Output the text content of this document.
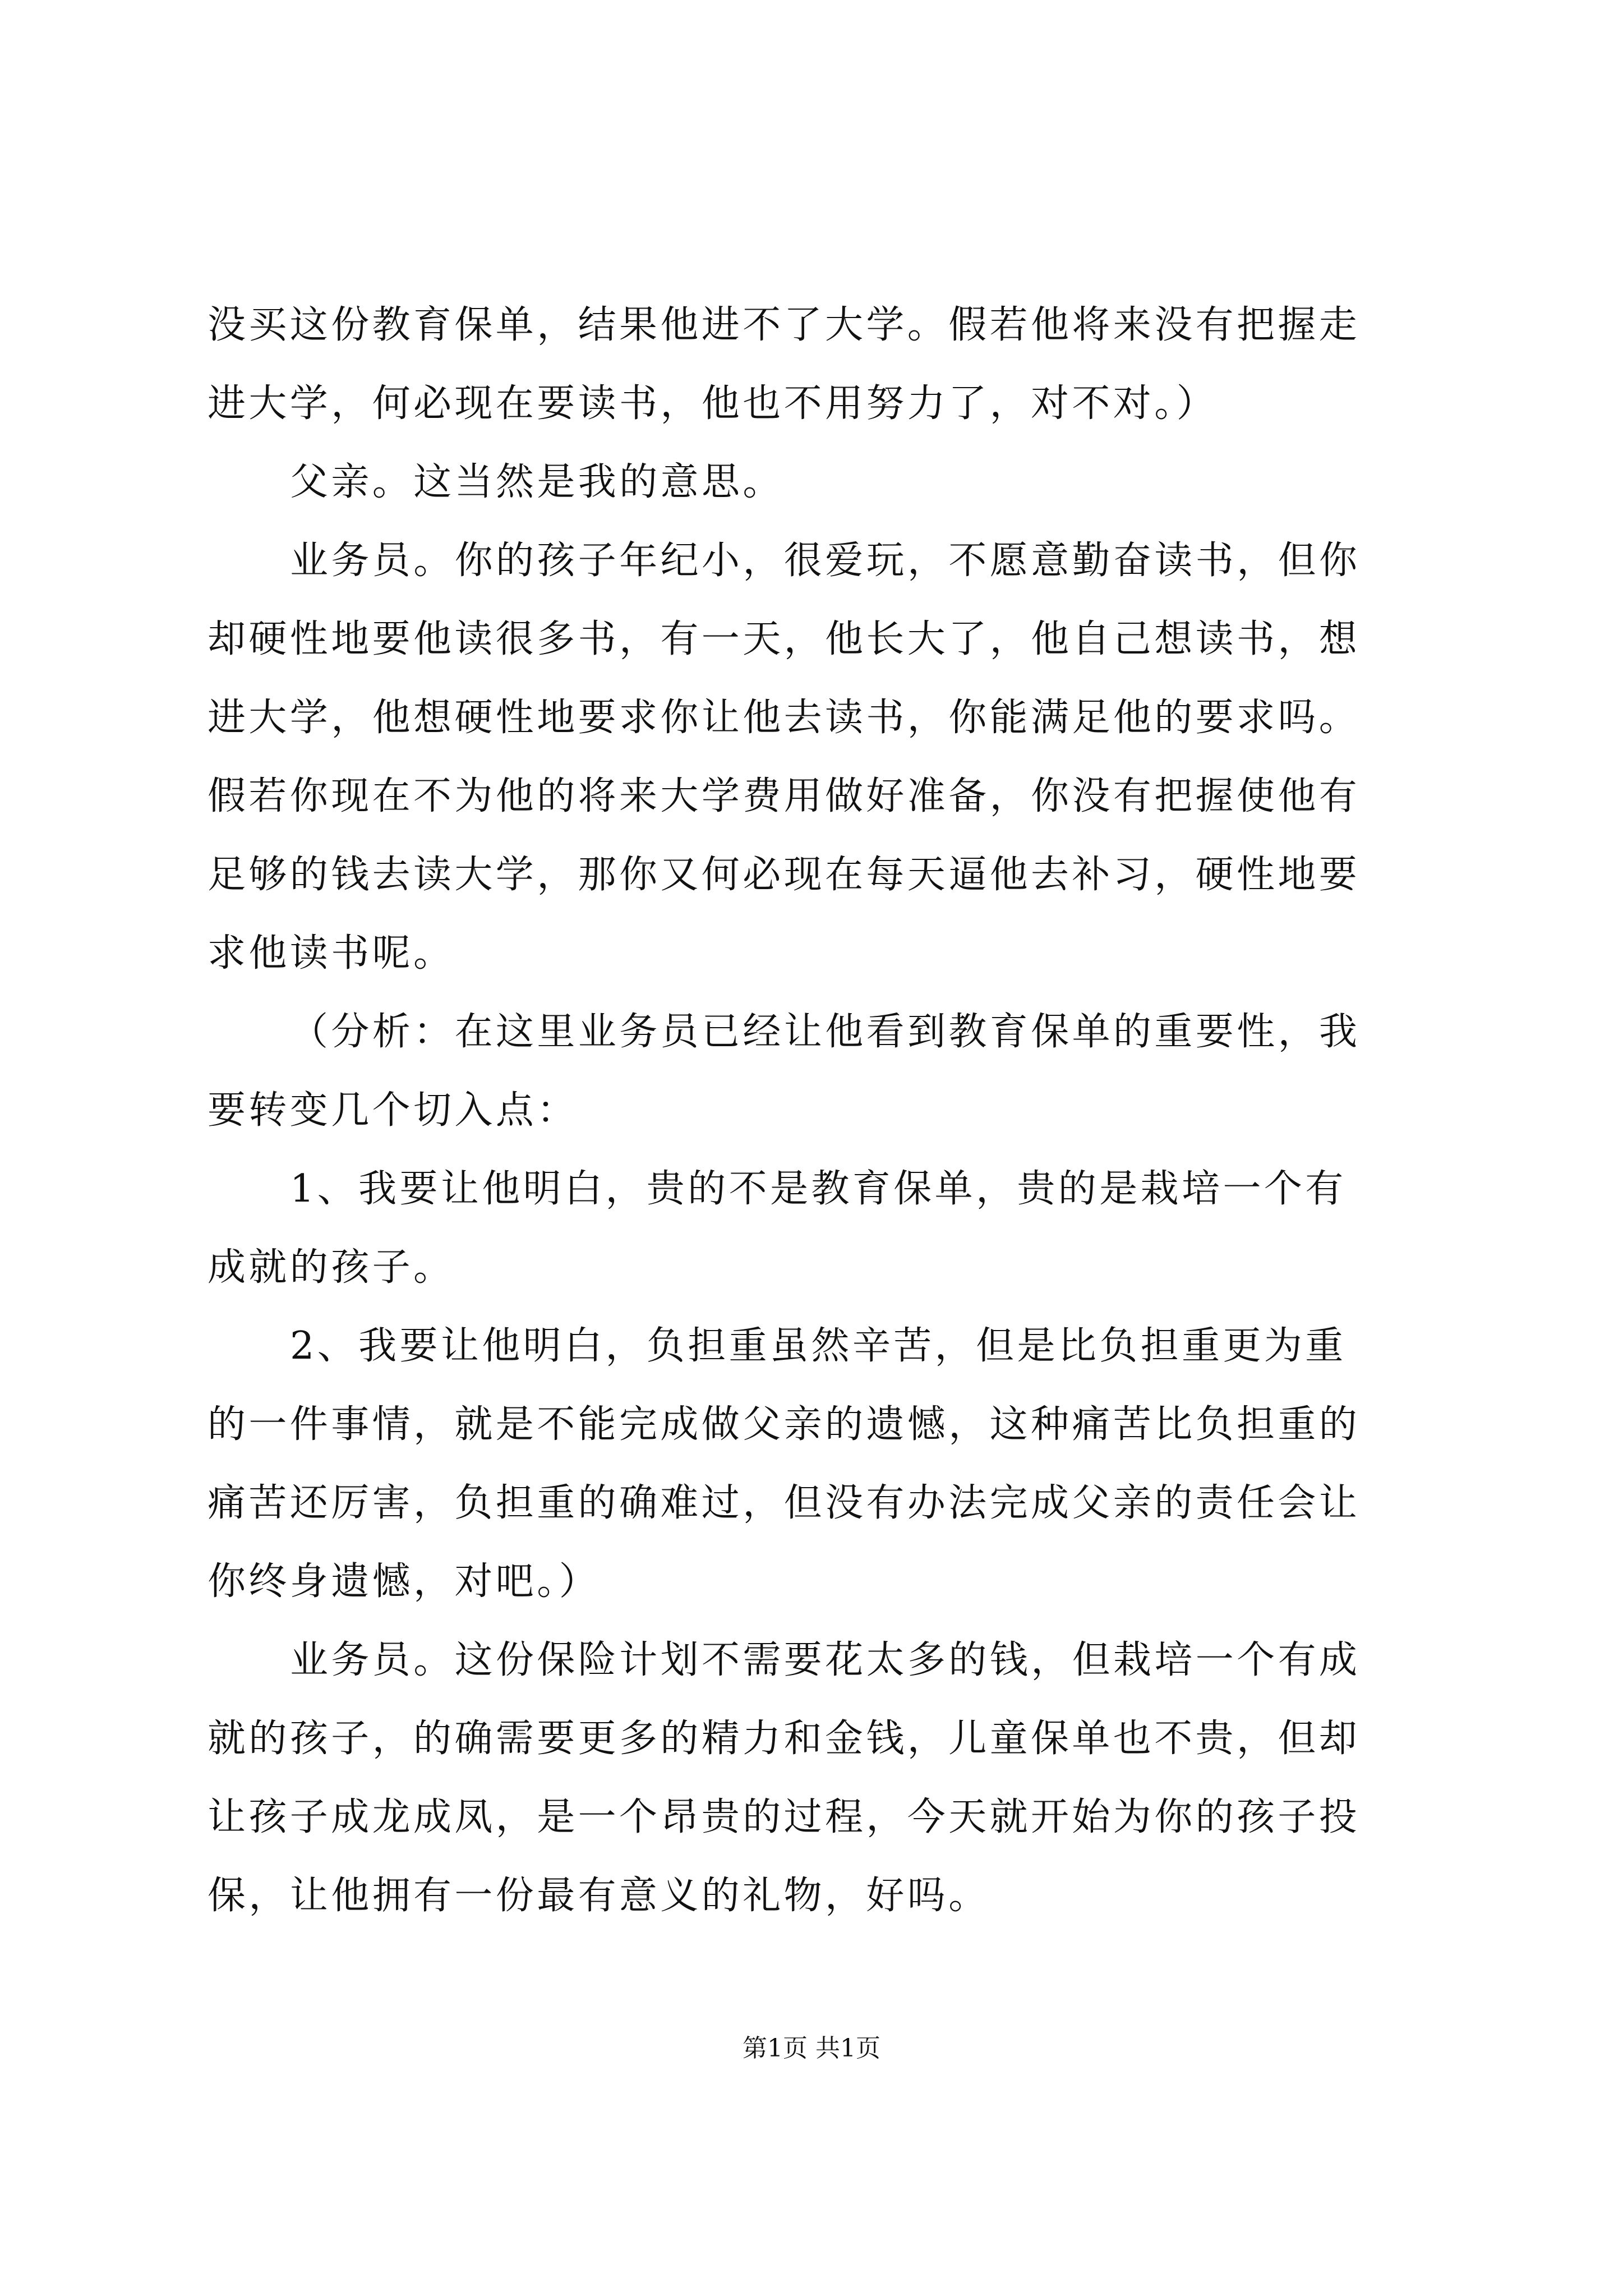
没买这份教育保单，结果他进不了大学。假若他将来没有把握走
进大学，何必现在要读书，他也不用努力了，对不对。）
父亲。这当然是我的意思。
业务员。你的孩子年纪小，很爱玩，不愿意勤奋读书，但你
却硬性地要他读很多书，有一天，他长大了，他自己想读书，想
进大学，他想硬性地要求你让他去读书，你能满足他的要求吗。
假若你现在不为他的将来大学费用做好准备，你没有把握使他有
足够的钱去读大学，那你又何必现在每天逼他去补习，硬性地要
求他读书呢。
（分析：在这里业务员已经让他看到教育保单的重要性，我
要转变几个切入点：
1、我要让他明白，贵的不是教育保单，贵的是栽培一个有
成就的孩子。
2、我要让他明白，负担重虽然辛苦，但是比负担重更为重
的一件事情，就是不能完成做父亲的遗憾，这种痛苦比负担重的
痛苦还厉害，负担重的确难过，但没有办法完成父亲的责任会让
你终身遗憾，对吧。）
业务员。这份保险计划不需要花太多的钱，但栽培一个有成
就的孩子，的确需要更多的精力和金钱，儿童保单也不贵，但却
让孩子成龙成凤，是一个昂贵的过程，今天就开始为你的孩子投
保，让他拥有一份最有意义的礼物，好吗。
第1页 共1页
